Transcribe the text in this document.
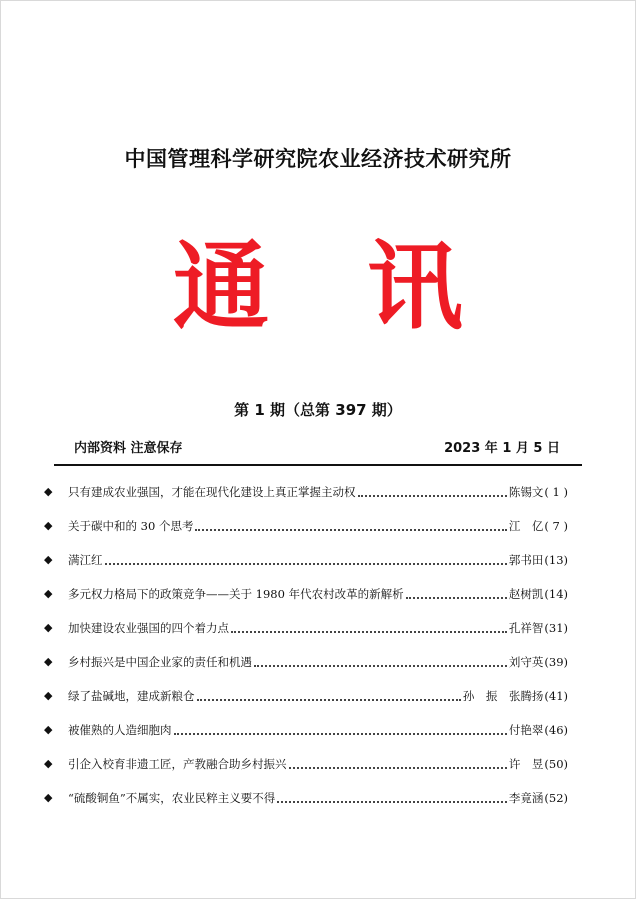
中国管理科学研究院农业经济技术研究所
通 讯
第 1 期（总第 397 期）
内部资料 注意保存	2023 年 1 月 5 日
◆	只有建成农业强国，才能在现代化建设上真正掌握主动权	陈锡文 ( 1 )
◆	关于碳中和的 30 个思考	江　亿 ( 7 )
◆	满江红	郭书田 (13)
◆	多元权力格局下的政策竞争——关于 1980 年代农村改革的新解析	赵树凯 (14)
◆	加快建设农业强国的四个着力点	孔祥智 (31)
◆	乡村振兴是中国企业家的责任和机遇	刘守英 (39)
◆	绿了盐碱地，建成新粮仓	孙　振　张腾扬 (41)
◆	被催熟的人造细胞肉	付艳翠 (46)
◆	引企入校育非遗工匠，产教融合助乡村振兴	许　昱 (50)
◆	“硫酸铜鱼”不属实，农业民粹主义要不得	李竟涵 (52)
